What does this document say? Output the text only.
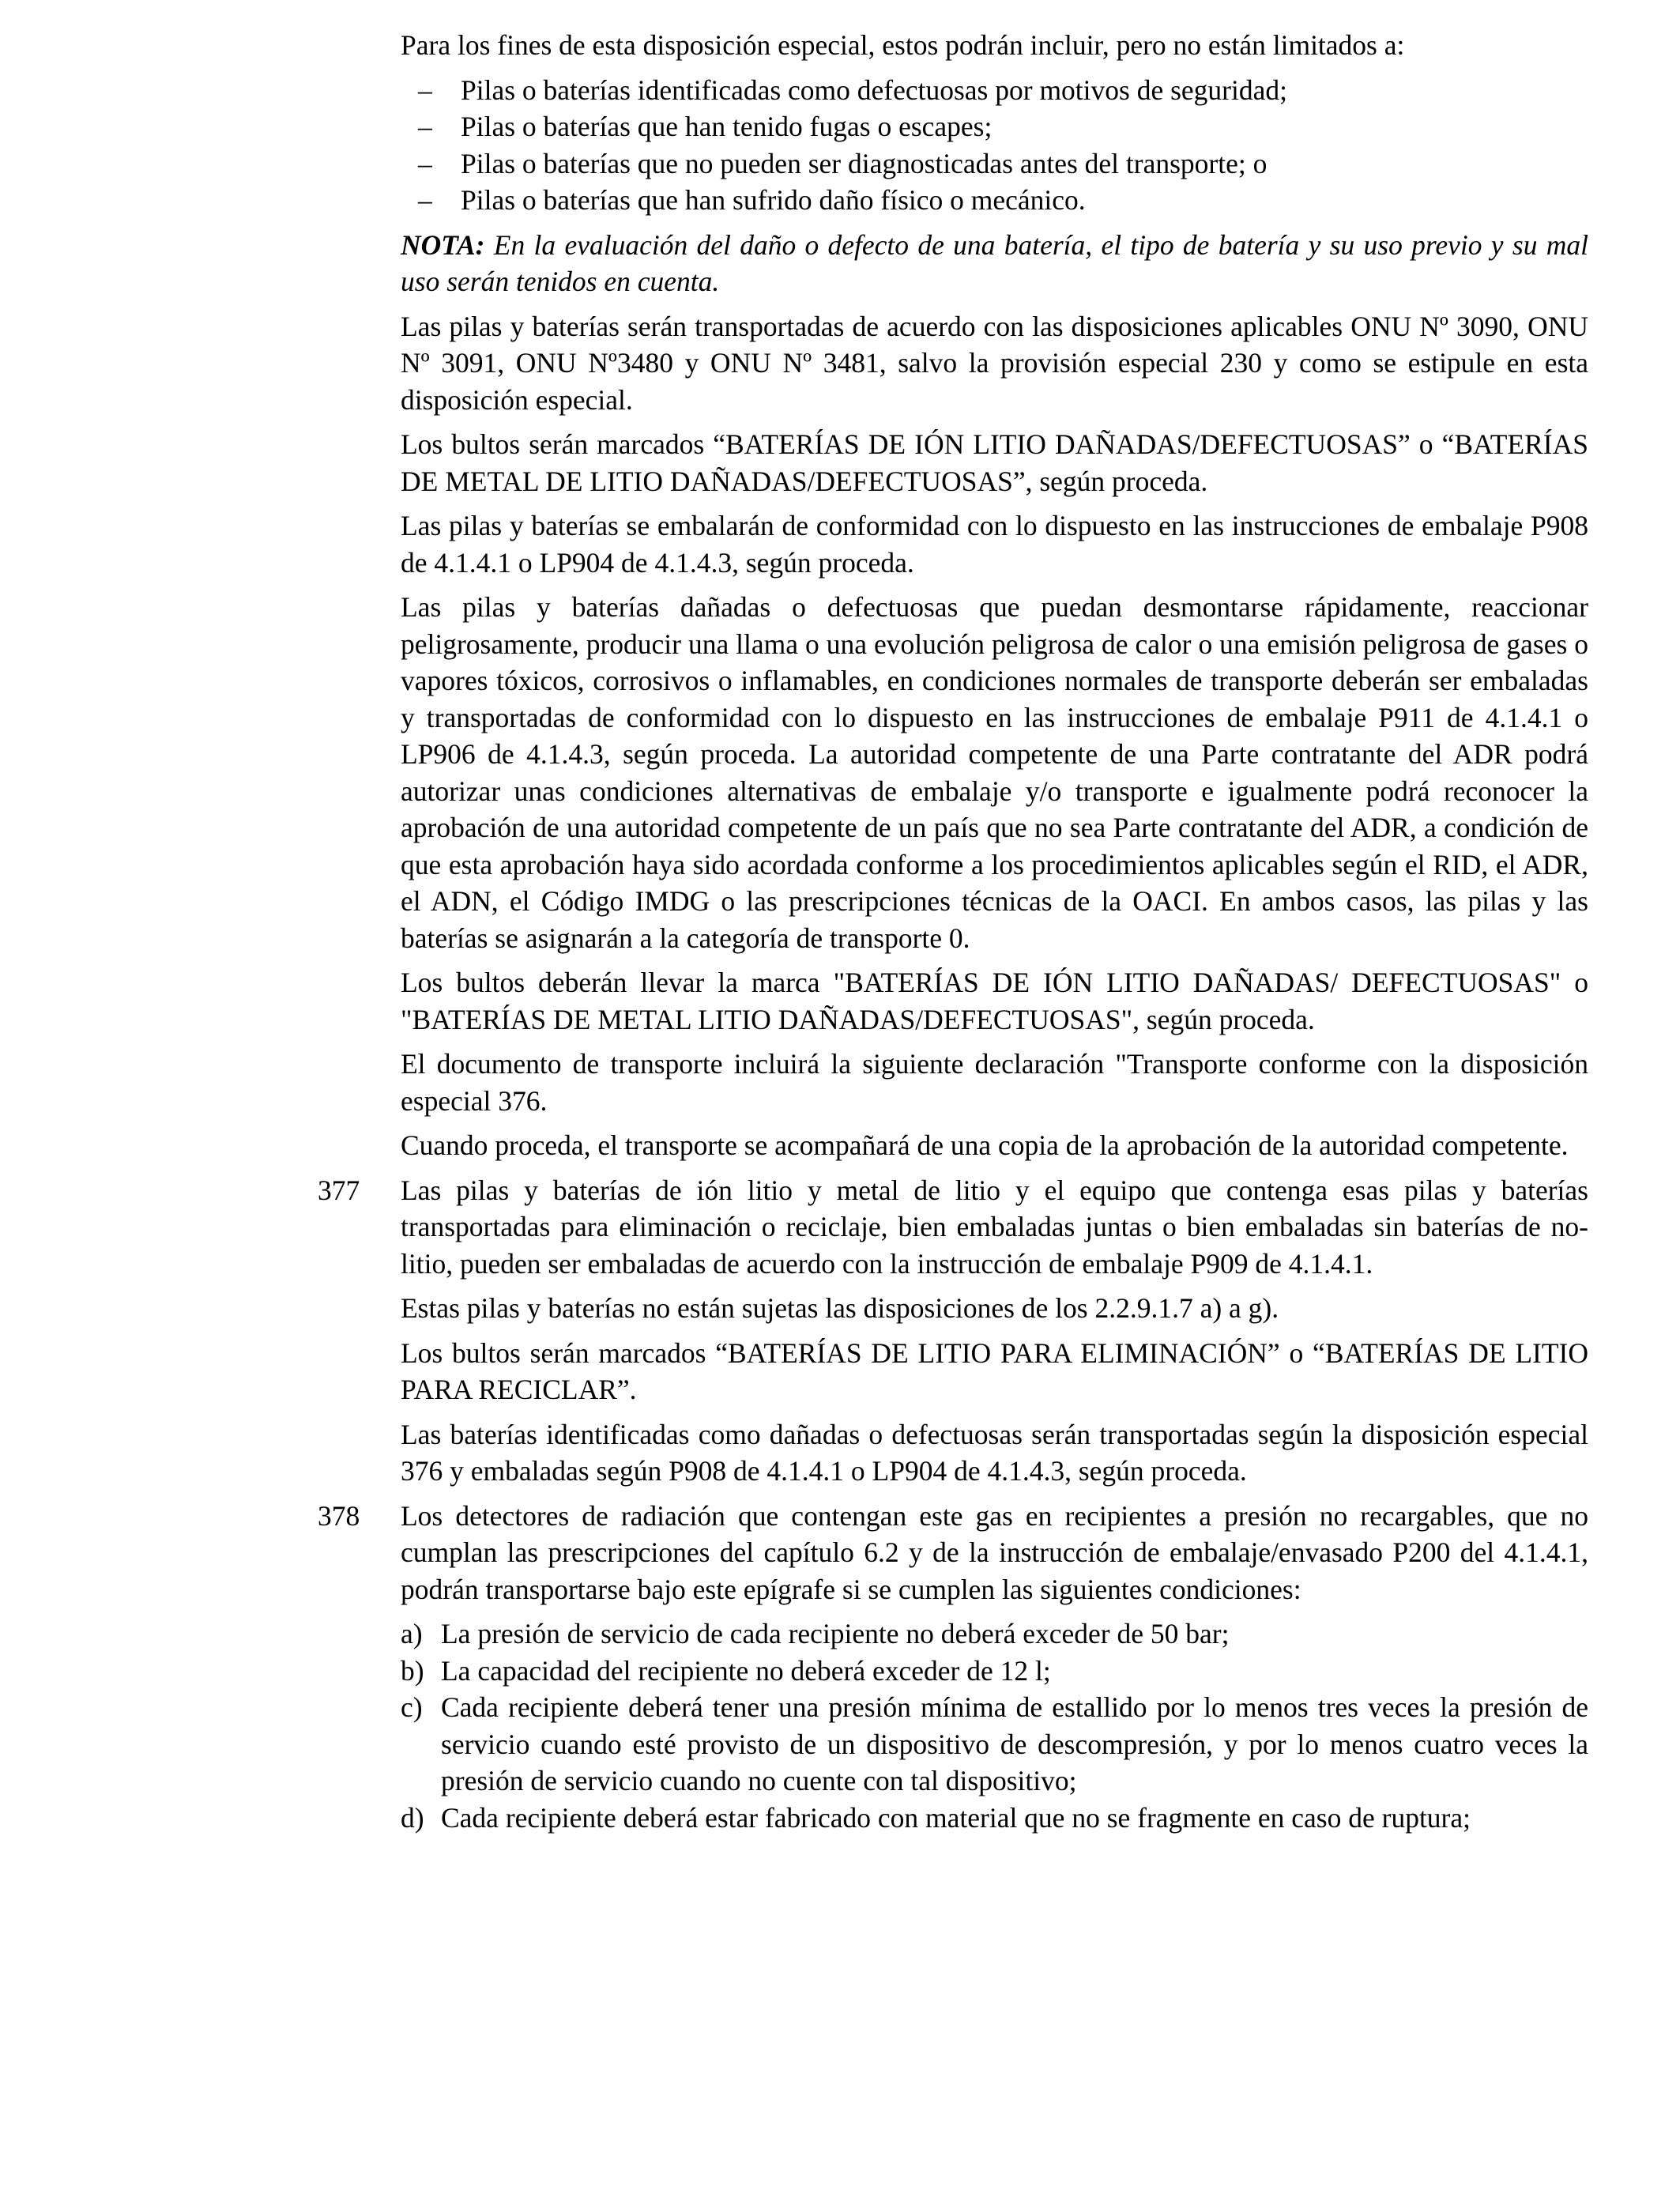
Para los fines de esta disposición especial, estos podrán incluir, pero no están limitados a:

– Pilas o baterías identificadas como defectuosas por motivos de seguridad;
– Pilas o baterías que han tenido fugas o escapes;
– Pilas o baterías que no pueden ser diagnosticadas antes del transporte; o
– Pilas o baterías que han sufrido daño físico o mecánico.

NOTA: En la evaluación del daño o defecto de una batería, el tipo de batería y su uso previo y su mal uso serán tenidos en cuenta.

Las pilas y baterías serán transportadas de acuerdo con las disposiciones aplicables ONU Nº 3090, ONU Nº 3091, ONU Nº3480 y ONU Nº 3481, salvo la provisión especial 230 y como se estipule en esta disposición especial.

Los bultos serán marcados “BATERÍAS DE IÓN LITIO DAÑADAS/DEFECTUOSAS” o “BATERÍAS DE METAL DE LITIO DAÑADAS/DEFECTUOSAS”, según proceda.

Las pilas y baterías se embalarán de conformidad con lo dispuesto en las instrucciones de embalaje P908 de 4.1.4.1 o LP904 de 4.1.4.3, según proceda.

Las pilas y baterías dañadas o defectuosas que puedan desmontarse rápidamente, reaccionar peligrosamente, producir una llama o una evolución peligrosa de calor o una emisión peligrosa de gases o vapores tóxicos, corrosivos o inflamables, en condiciones normales de transporte deberán ser embaladas y transportadas de conformidad con lo dispuesto en las instrucciones de embalaje P911 de 4.1.4.1 o LP906 de 4.1.4.3, según proceda. La autoridad competente de una Parte contratante del ADR podrá autorizar unas condiciones alternativas de embalaje y/o transporte e igualmente podrá reconocer la aprobación de una autoridad competente de un país que no sea Parte contratante del ADR, a condición de que esta aprobación haya sido acordada conforme a los procedimientos aplicables según el RID, el ADR, el ADN, el Código IMDG o las prescripciones técnicas de la OACI. En ambos casos, las pilas y las baterías se asignarán a la categoría de transporte 0.

Los bultos deberán llevar la marca "BATERÍAS DE IÓN LITIO DAÑADAS/ DEFECTUOSAS" o "BATERÍAS DE METAL LITIO DAÑADAS/DEFECTUOSAS", según proceda.

El documento de transporte incluirá la siguiente declaración "Transporte conforme con la disposición especial 376.

Cuando proceda, el transporte se acompañará de una copia de la aprobación de la autoridad competente.

377 Las pilas y baterías de ión litio y metal de litio y el equipo que contenga esas pilas y baterías transportadas para eliminación o reciclaje, bien embaladas juntas o bien embaladas sin baterías de no-litio, pueden ser embaladas de acuerdo con la instrucción de embalaje P909 de 4.1.4.1.

Estas pilas y baterías no están sujetas las disposiciones de los 2.2.9.1.7 a) a g).

Los bultos serán marcados “BATERÍAS DE LITIO PARA ELIMINACIÓN” o “BATERÍAS DE LITIO PARA RECICLAR”.

Las baterías identificadas como dañadas o defectuosas serán transportadas según la disposición especial 376 y embaladas según P908 de 4.1.4.1 o LP904 de 4.1.4.3, según proceda.

378 Los detectores de radiación que contengan este gas en recipientes a presión no recargables, que no cumplan las prescripciones del capítulo 6.2 y de la instrucción de embalaje/envasado P200 del 4.1.4.1, podrán transportarse bajo este epígrafe si se cumplen las siguientes condiciones:

a) La presión de servicio de cada recipiente no deberá exceder de 50 bar;
b) La capacidad del recipiente no deberá exceder de 12 l;
c) Cada recipiente deberá tener una presión mínima de estallido por lo menos tres veces la presión de servicio cuando esté provisto de un dispositivo de descompresión, y por lo menos cuatro veces la presión de servicio cuando no cuente con tal dispositivo;
d) Cada recipiente deberá estar fabricado con material que no se fragmente en caso de ruptura;
